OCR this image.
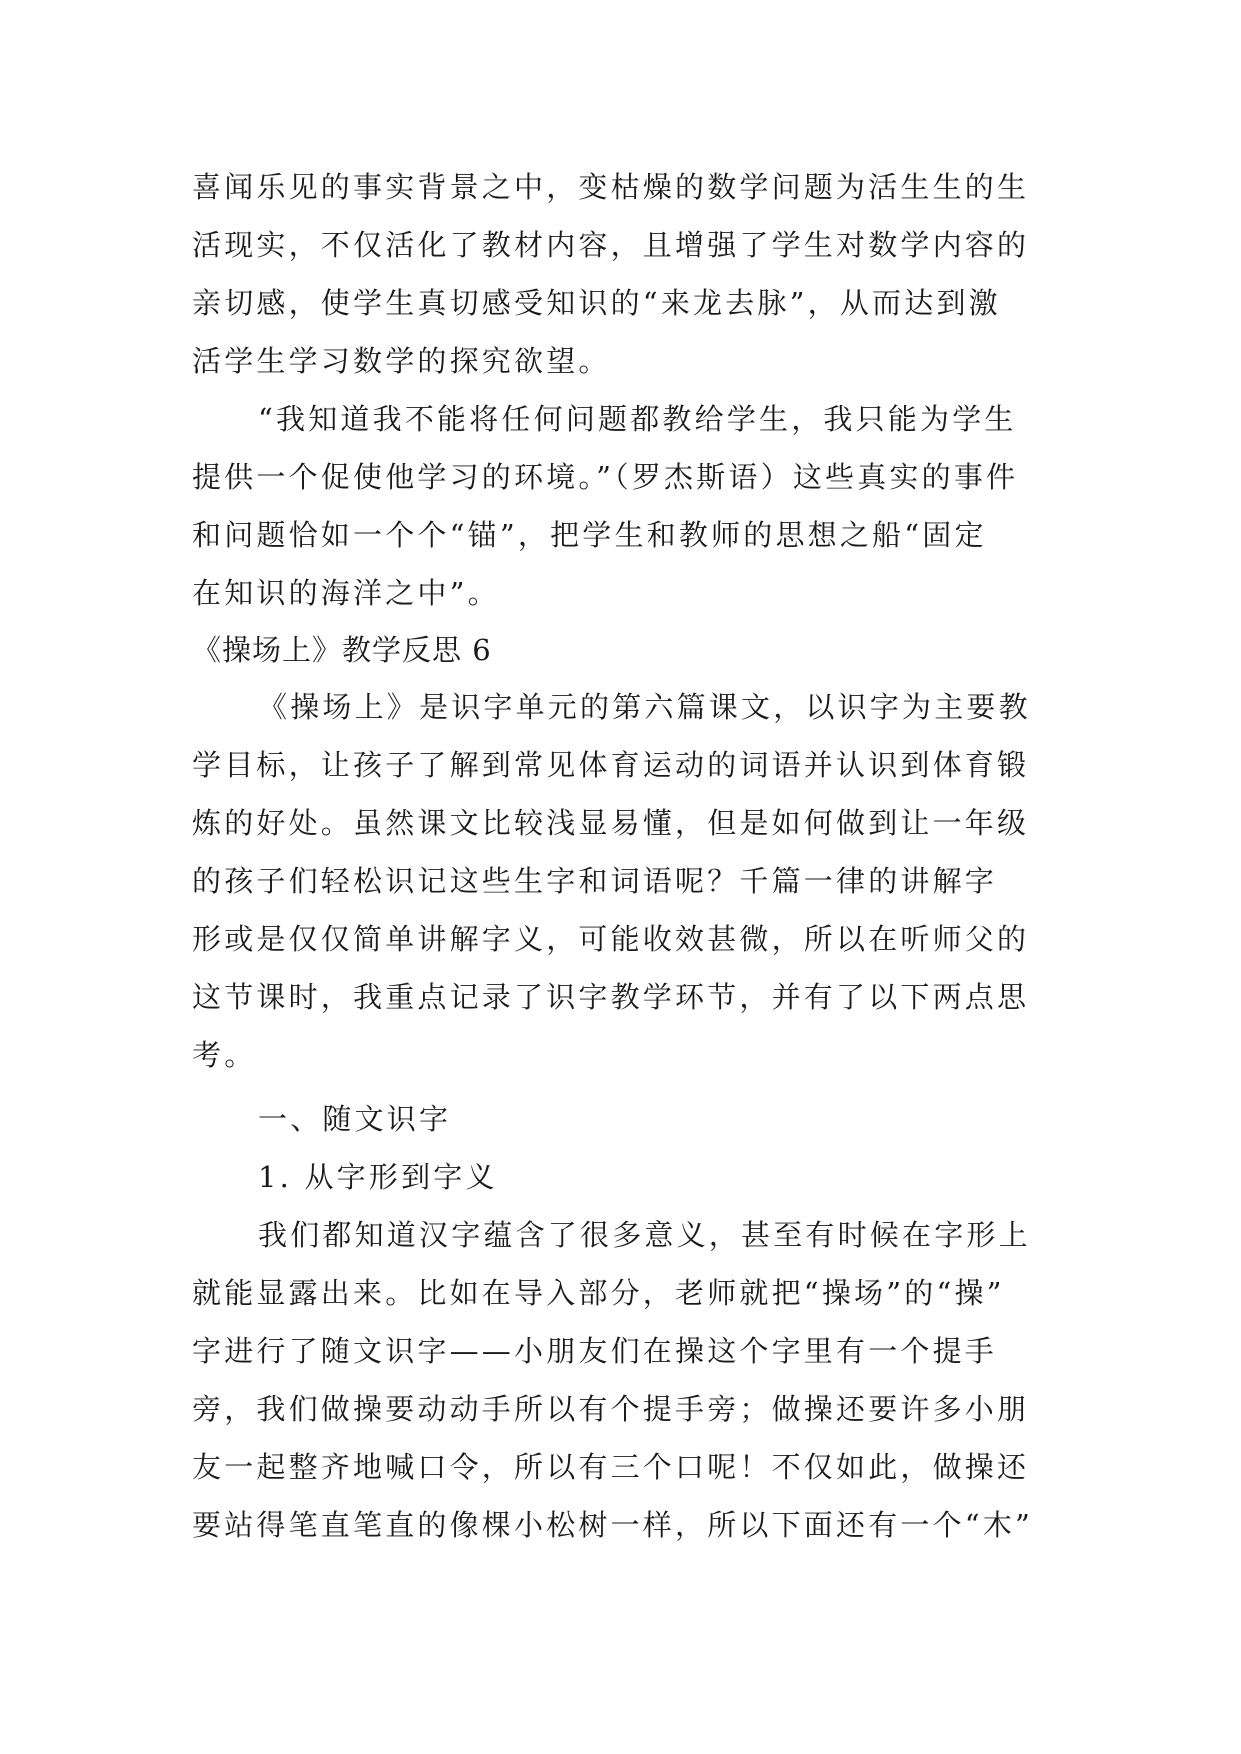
喜闻乐见的事实背景之中，变枯燥的数学问题为活生生的生
活现实，不仅活化了教材内容，且增强了学生对数学内容的
亲切感，使学生真切感受知识的“来龙去脉”，从而达到激
活学生学习数学的探究欲望。
“我知道我不能将任何问题都教给学生，我只能为学生
提供一个促使他学习的环境。”（罗杰斯语）这些真实的事件
和问题恰如一个个“锚”，把学生和教师的思想之船“固定
在知识的海洋之中”。
《操场上》教学反思 6
《操场上》是识字单元的第六篇课文，以识字为主要教
学目标，让孩子了解到常见体育运动的词语并认识到体育锻
炼的好处。虽然课文比较浅显易懂，但是如何做到让一年级
的孩子们轻松识记这些生字和词语呢？千篇一律的讲解字
形或是仅仅简单讲解字义，可能收效甚微，所以在听师父的
这节课时，我重点记录了识字教学环节，并有了以下两点思
考。
一、随文识字
1. 从字形到字义
我们都知道汉字蕴含了很多意义，甚至有时候在字形上
就能显露出来。比如在导入部分，老师就把“操场”的“操”
字进行了随文识字——小朋友们在操这个字里有一个提手
旁，我们做操要动动手所以有个提手旁；做操还要许多小朋
友一起整齐地喊口令，所以有三个口呢！不仅如此，做操还
要站得笔直笔直的像棵小松树一样，所以下面还有一个“木”
